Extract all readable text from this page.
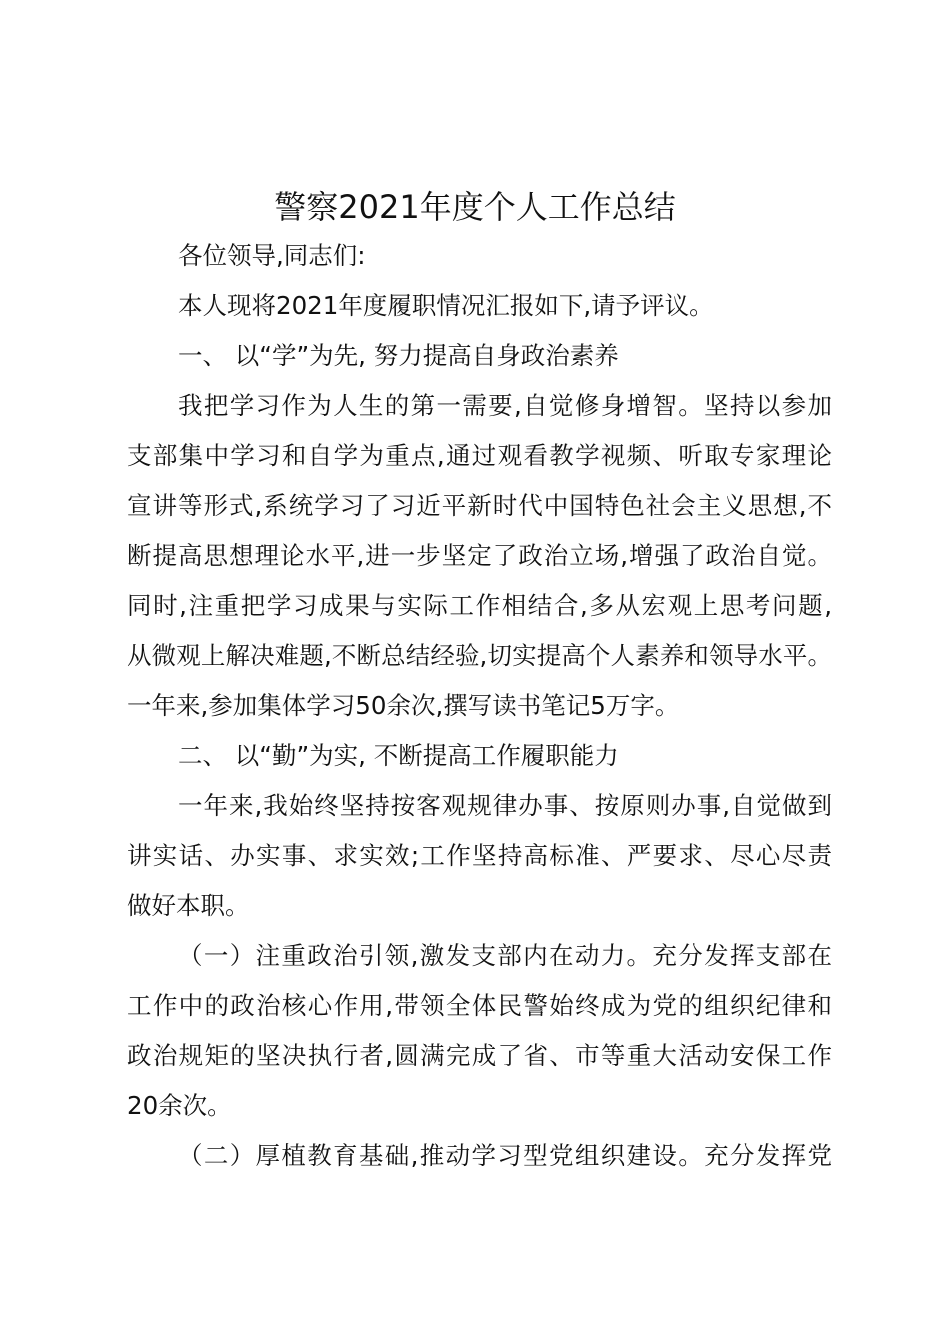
警察2021年度个人工作总结
各位领导,同志们:
本人现将2021年度履职情况汇报如下,请予评议。
一、 以“学”为先, 努力提高自身政治素养
我把学习作为人生的第一需要,自觉修身增智。坚持以参加
支部集中学习和自学为重点,通过观看教学视频、听取专家理论
宣讲等形式,系统学习了习近平新时代中国特色社会主义思想,不
断提高思想理论水平,进一步坚定了政治立场,增强了政治自觉。
同时,注重把学习成果与实际工作相结合,多从宏观上思考问题,
从微观上解决难题,不断总结经验,切实提高个人素养和领导水平。
一年来,参加集体学习50余次,撰写读书笔记5万字。
二、 以“勤”为实, 不断提高工作履职能力
一年来,我始终坚持按客观规律办事、按原则办事,自觉做到
讲实话、办实事、求实效;工作坚持高标准、严要求、尽心尽责
做好本职。
（一）注重政治引领,激发支部内在动力。充分发挥支部在
工作中的政治核心作用,带领全体民警始终成为党的组织纪律和
政治规矩的坚决执行者,圆满完成了省、市等重大活动安保工作
20余次。
（二）厚植教育基础,推动学习型党组织建设。充分发挥党
